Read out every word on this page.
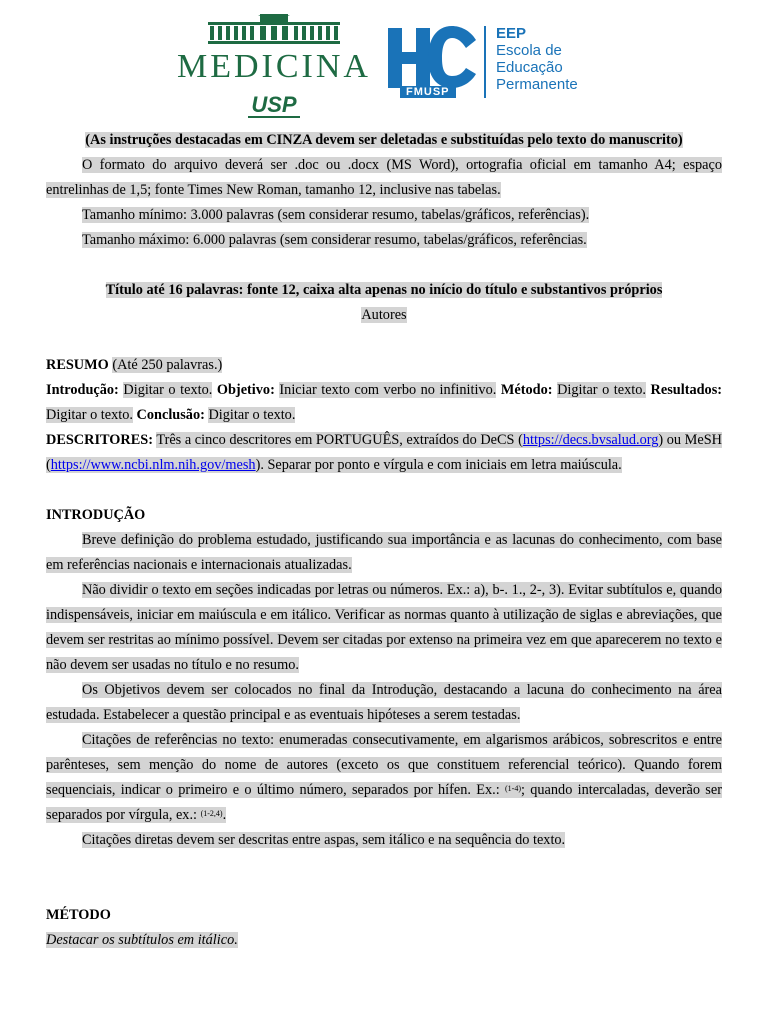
MEDICINA
USP	FMUSP
EEP
Escola de
Educação
Permanente

(As instruções destacadas em CINZA devem ser deletadas e substituídas pelo texto do manuscrito)

O formato do arquivo deverá ser .doc ou .docx (MS Word), ortografia oficial em tamanho A4; espaço entrelinhas de 1,5; fonte Times New Roman, tamanho 12, inclusive nas tabelas.

Tamanho mínimo: 3.000 palavras (sem considerar resumo, tabelas/gráficos, referências).

Tamanho máximo: 6.000 palavras (sem considerar resumo, tabelas/gráficos, referências.

Título até 16 palavras: fonte 12, caixa alta apenas no início do título e substantivos próprios

Autores

RESUMO (Até 250 palavras.)

Introdução: Digitar o texto. Objetivo: Iniciar texto com verbo no infinitivo. Método: Digitar o texto. Resultados: Digitar o texto. Conclusão: Digitar o texto.

DESCRITORES: Três a cinco descritores em PORTUGUÊS, extraídos do DeCS (https://decs.bvsalud.org) ou MeSH (https://www.ncbi.nlm.nih.gov/mesh). Separar por ponto e vírgula e com iniciais em letra maiúscula.

INTRODUÇÃO

Breve definição do problema estudado, justificando sua importância e as lacunas do conhecimento, com base em referências nacionais e internacionais atualizadas.

Não dividir o texto em seções indicadas por letras ou números. Ex.: a), b-. 1., 2-, 3). Evitar subtítulos e, quando indispensáveis, iniciar em maiúscula e em itálico. Verificar as normas quanto à utilização de siglas e abreviações, que devem ser restritas ao mínimo possível. Devem ser citadas por extenso na primeira vez em que aparecerem no texto e não devem ser usadas no título e no resumo.

Os Objetivos devem ser colocados no final da Introdução, destacando a lacuna do conhecimento na área estudada. Estabelecer a questão principal e as eventuais hipóteses a serem testadas.

Citações de referências no texto: enumeradas consecutivamente, em algarismos arábicos, sobrescritos e entre parênteses, sem menção do nome de autores (exceto os que constituem referencial teórico). Quando forem sequenciais, indicar o primeiro e o último número, separados por hífen. Ex.: $^{(1-4)}$; quando intercaladas, deverão ser separados por vírgula, ex.: $^{(1-2,4)}$.

Citações diretas devem ser descritas entre aspas, sem itálico e na sequência do texto.

MÉTODO

Destacar os subtítulos em itálico.
